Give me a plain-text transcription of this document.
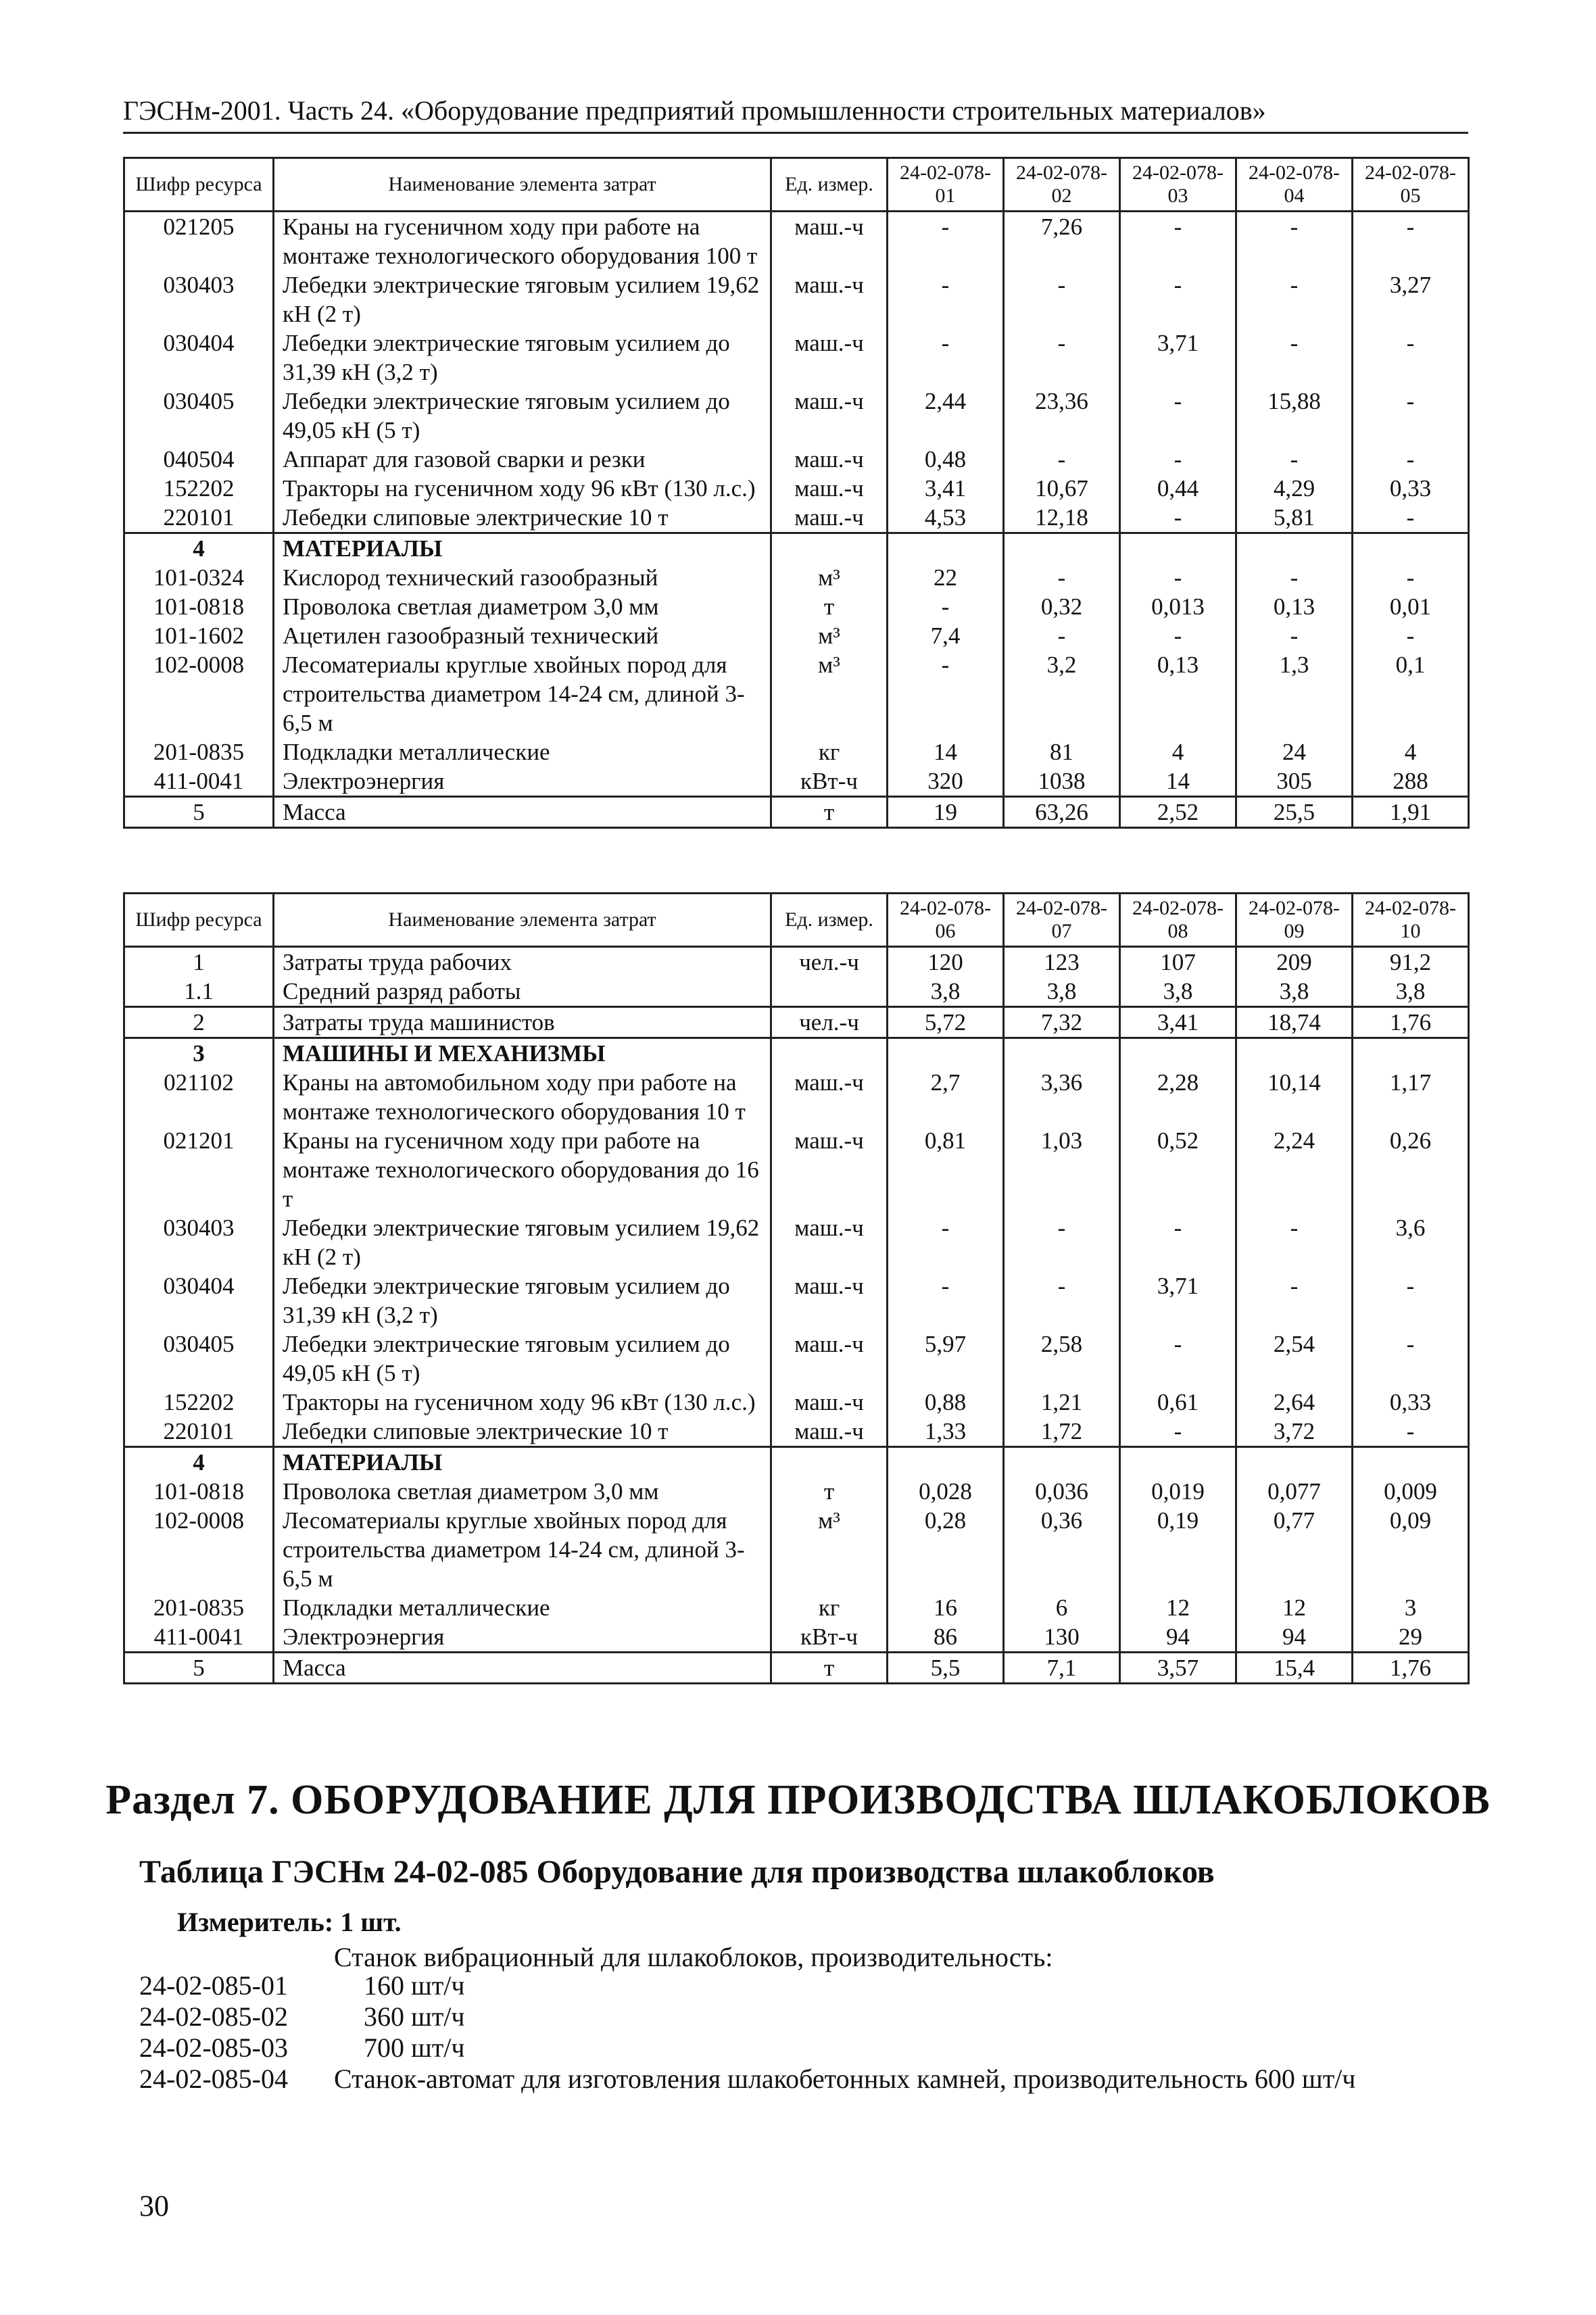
ГЭСНм-2001. Часть 24. «Оборудование предприятий промышленности строительных материалов»
Шифр ресурса	Наименование элемента затрат	Ед. измер.	24-02-078-01	24-02-078-02	24-02-078-03	24-02-078-04	24-02-078-05
021205	Краны на гусеничном ходу при работе на монтаже технологического оборудования 100 т	маш.-ч	-	7,26	-	-	-
030403	Лебедки электрические тяговым усилием 19,62 кН (2 т)	маш.-ч	-	-	-	-	3,27
030404	Лебедки электрические тяговым усилием до 31,39 кН (3,2 т)	маш.-ч	-	-	3,71	-	-
030405	Лебедки электрические тяговым усилием до 49,05 кН (5 т)	маш.-ч	2,44	23,36	-	15,88	-
040504	Аппарат для газовой сварки и резки	маш.-ч	0,48	-	-	-	-
152202	Тракторы на гусеничном ходу 96 кВт (130 л.с.)	маш.-ч	3,41	10,67	0,44	4,29	0,33
220101	Лебедки слиповые электрические 10 т	маш.-ч	4,53	12,18	-	5,81	-
4	МАТЕРИАЛЫ						
101-0324	Кислород технический газообразный	м³	22	-	-	-	-
101-0818	Проволока светлая диаметром 3,0 мм	т	-	0,32	0,013	0,13	0,01
101-1602	Ацетилен газообразный технический	м³	7,4	-	-	-	-
102-0008	Лесоматериалы круглые хвойных пород для строительства диаметром 14-24 см, длиной 3-6,5 м	м³	-	3,2	0,13	1,3	0,1
201-0835	Подкладки металлические	кг	14	81	4	24	4
411-0041	Электроэнергия	кВт-ч	320	1038	14	305	288
5	Масса	т	19	63,26	2,52	25,5	1,91
Шифр ресурса	Наименование элемента затрат	Ед. измер.	24-02-078-06	24-02-078-07	24-02-078-08	24-02-078-09	24-02-078-10
1	Затраты труда рабочих	чел.-ч	120	123	107	209	91,2
1.1	Средний разряд работы		3,8	3,8	3,8	3,8	3,8
2	Затраты труда машинистов	чел.-ч	5,72	7,32	3,41	18,74	1,76
3	МАШИНЫ И МЕХАНИЗМЫ						
021102	Краны на автомобильном ходу при работе на монтаже технологического оборудования 10 т	маш.-ч	2,7	3,36	2,28	10,14	1,17
021201	Краны на гусеничном ходу при работе на монтаже технологического оборудования до 16 т	маш.-ч	0,81	1,03	0,52	2,24	0,26
030403	Лебедки электрические тяговым усилием 19,62 кН (2 т)	маш.-ч	-	-	-	-	3,6
030404	Лебедки электрические тяговым усилием до 31,39 кН (3,2 т)	маш.-ч	-	-	3,71	-	-
030405	Лебедки электрические тяговым усилием до 49,05 кН (5 т)	маш.-ч	5,97	2,58	-	2,54	-
152202	Тракторы на гусеничном ходу 96 кВт (130 л.с.)	маш.-ч	0,88	1,21	0,61	2,64	0,33
220101	Лебедки слиповые электрические 10 т	маш.-ч	1,33	1,72	-	3,72	-
4	МАТЕРИАЛЫ						
101-0818	Проволока светлая диаметром 3,0 мм	т	0,028	0,036	0,019	0,077	0,009
102-0008	Лесоматериалы круглые хвойных пород для строительства диаметром 14-24 см, длиной 3-6,5 м	м³	0,28	0,36	0,19	0,77	0,09
201-0835	Подкладки металлические	кг	16	6	12	12	3
411-0041	Электроэнергия	кВт-ч	86	130	94	94	29
5	Масса	т	5,5	7,1	3,57	15,4	1,76
Раздел 7. ОБОРУДОВАНИЕ ДЛЯ ПРОИЗВОДСТВА ШЛАКОБЛОКОВ
Таблица ГЭСНм 24-02-085 Оборудование для производства шлакоблоков
Измеритель: 1 шт.
Станок вибрационный для шлакоблоков, производительность:
24-02-085-01	160 шт/ч
24-02-085-02	360 шт/ч
24-02-085-03	700 шт/ч
24-02-085-04	Станок-автомат для изготовления шлакобетонных камней, производительность 600 шт/ч
30
